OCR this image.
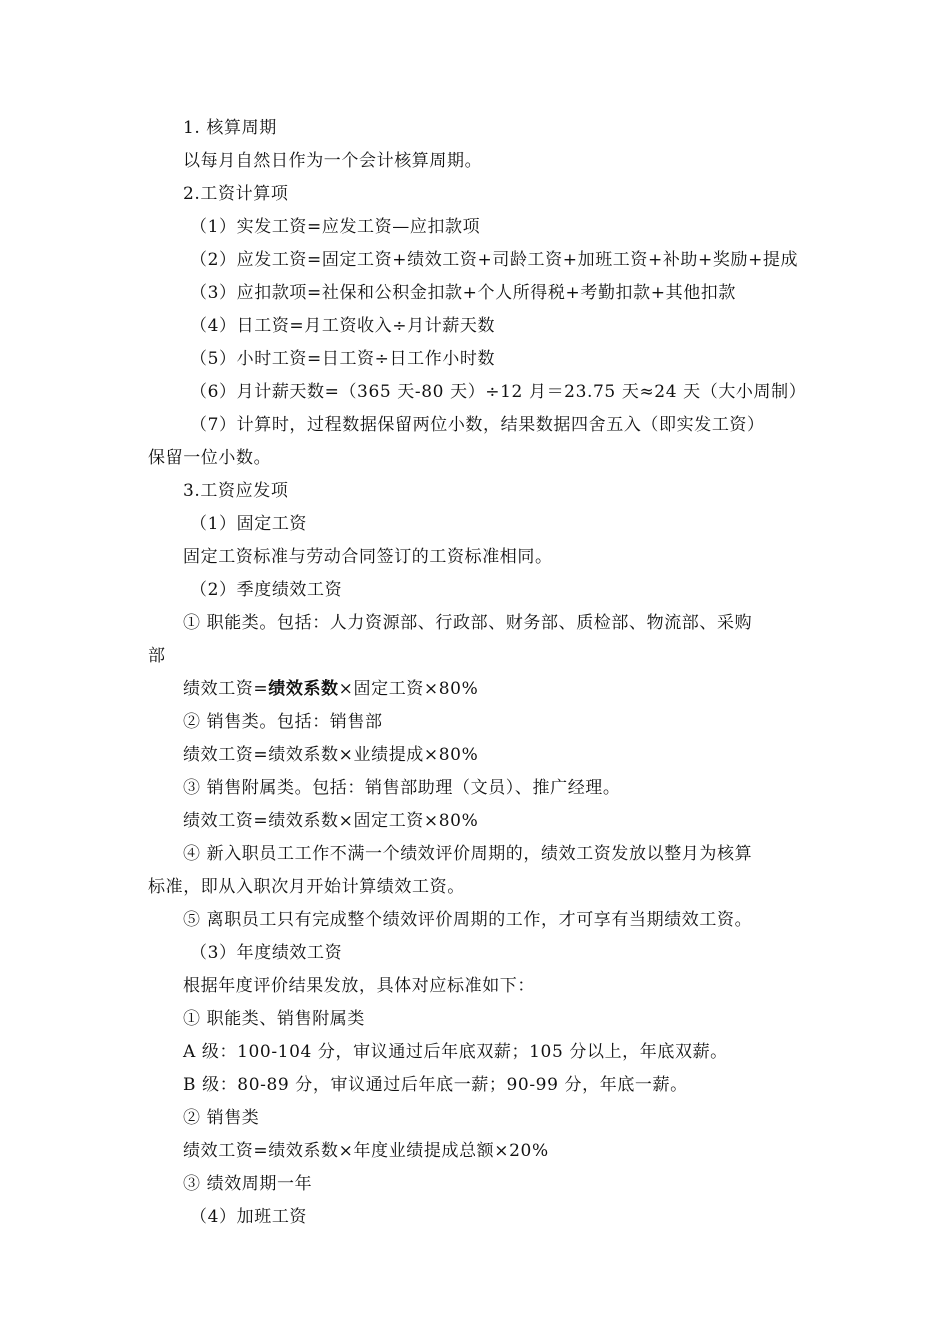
1. 核算周期
以每月自然日作为一个会计核算周期。
2.工资计算项
（1）实发工资=应发工资—应扣款项
（2）应发工资=固定工资+绩效工资+司龄工资+加班工资+补助+奖励+提成
（3）应扣款项=社保和公积金扣款+个人所得税+考勤扣款+其他扣款
（4）日工资=月工资收入÷月计薪天数
（5）小时工资=日工资÷日工作小时数
（6）月计薪天数=（365 天-80 天）÷12 月＝23.75 天≈24 天（大小周制）
（7）计算时，过程数据保留两位小数，结果数据四舍五入（即实发工资）
保留一位小数。
3.工资应发项
（1）固定工资
固定工资标准与劳动合同签订的工资标准相同。
（2）季度绩效工资
① 职能类。包括：人力资源部、行政部、财务部、质检部、物流部、采购
部
绩效工资=绩效系数×固定工资×80%
② 销售类。包括：销售部
绩效工资=绩效系数×业绩提成×80%
③ 销售附属类。包括：销售部助理（文员）、推广经理。
绩效工资=绩效系数×固定工资×80%
④ 新入职员工工作不满一个绩效评价周期的，绩效工资发放以整月为核算
标准，即从入职次月开始计算绩效工资。
⑤ 离职员工只有完成整个绩效评价周期的工作，才可享有当期绩效工资。
（3）年度绩效工资
根据年度评价结果发放，具体对应标准如下：
① 职能类、销售附属类
A 级：100-104 分，审议通过后年底双薪；105 分以上，年底双薪。
B 级：80-89 分，审议通过后年底一薪；90-99 分，年底一薪。
② 销售类
绩效工资=绩效系数×年度业绩提成总额×20%
③ 绩效周期一年
（4）加班工资
